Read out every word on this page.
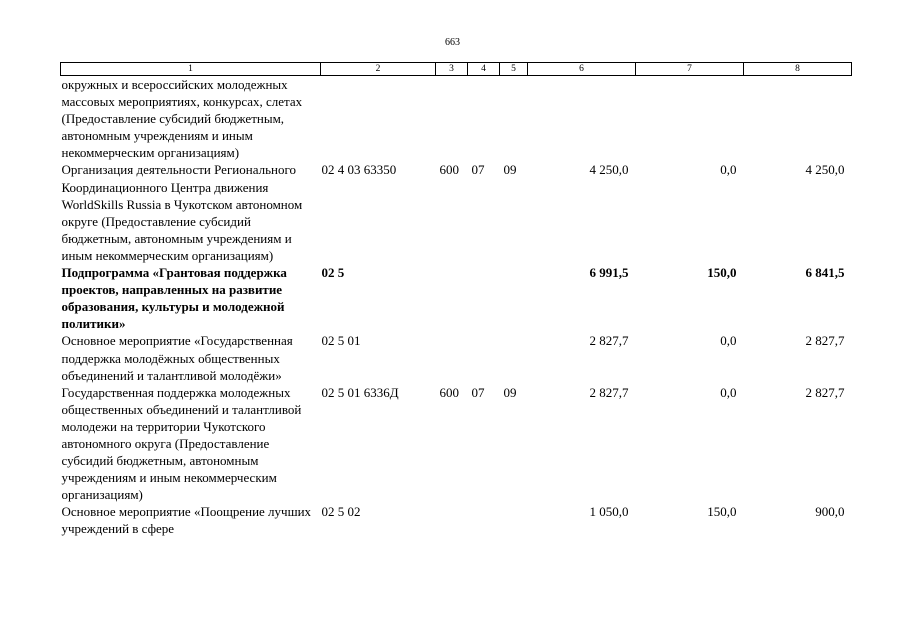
663
1	2	3	4	5	6	7	8
окружных и всероссийских молодежных массовых мероприятиях, конкурсах, слетах (Предоставление субсидий бюджетным, автономным учреждениям и иным некоммерческим организациям)							
Организация деятельности Регионального Координационного Центра движения WorldSkills Russia в Чукотском автономном округе (Предоставление субсидий бюджетным, автономным учреждениям и иным некоммерческим организациям)	02 4 03 63350	600	07	09	4 250,0	0,0	4 250,0
Подпрограмма «Грантовая поддержка проектов, направленных на развитие образования, культуры и молодежной политики»	02 5				6 991,5	150,0	6 841,5
Основное мероприятие «Государственная поддержка молодёжных общественных объединений и талантливой молодёжи»	02 5 01				2 827,7	0,0	2 827,7
Государственная поддержка молодежных общественных объединений и талантливой молодежи на территории Чукотского автономного округа (Предоставление субсидий бюджетным, автономным учреждениям и иным некоммерческим организациям)	02 5 01 6336Д	600	07	09	2 827,7	0,0	2 827,7
Основное мероприятие «Поощрение лучших учреждений в сфере	02 5 02				1 050,0	150,0	900,0
